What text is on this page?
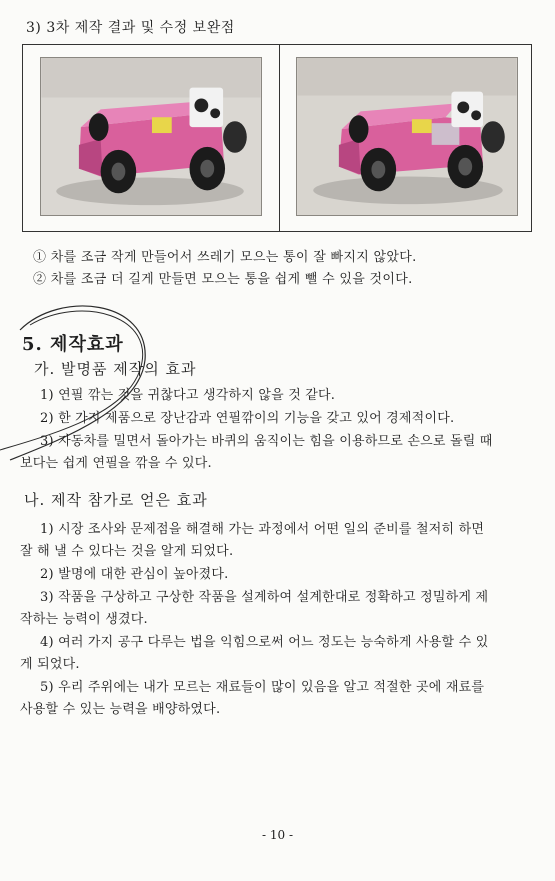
3) 3차 제작 결과 및 수정 보완점
① 차를 조금 작게 만들어서 쓰레기 모으는 통이 잘 빠지지 않았다.
② 차를 조금 더 길게 만들면 모으는 통을 쉽게 뺄 수 있을 것이다.
5. 제작효과
가. 발명품 제작의 효과
1) 연필 깎는 것을 귀찮다고 생각하지 않을 것 같다.
2) 한 가지 제품으로 장난감과 연필깎이의 기능을 갖고 있어 경제적이다.
3) 자동차를 밀면서 돌아가는 바퀴의 움직이는 힘을 이용하므로 손으로 돌릴 때
보다는 쉽게 연필을 깎을 수 있다.
나. 제작 참가로 얻은 효과
1) 시장 조사와 문제점을 해결해 가는 과정에서 어떤 일의 준비를 철저히 하면
잘 해 낼 수 있다는 것을 알게 되었다.
2) 발명에 대한 관심이 높아졌다.
3) 작품을 구상하고 구상한 작품을 설계하여 설계한대로 정확하고 정밀하게 제
작하는 능력이 생겼다.
4) 여러 가지 공구 다루는 법을 익힘으로써 어느 정도는 능숙하게 사용할 수 있
게 되었다.
5) 우리 주위에는 내가 모르는 재료들이 많이 있음을 알고 적절한 곳에 재료를
사용할 수 있는 능력을 배양하였다.
- 10 -
